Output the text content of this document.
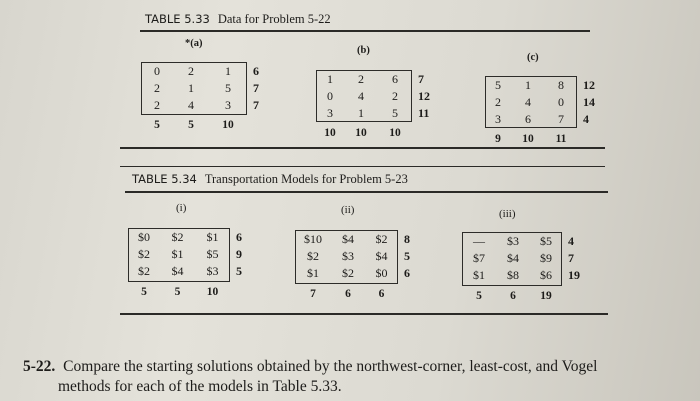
TABLE 5.33 Data for Problem 5-22
*(a)
0	2	1	6
2	1	5	7
2	4	3	7
5	5	10	
(b)
1	2	6	7
0	4	2	12
3	1	5	11
10	10	10	
(c)
5	1	8	12
2	4	0	14
3	6	7	4
9	10	11	
TABLE 5.34 Transportation Models for Problem 5-23
(i)
$0	$2	$1	6
$2	$1	$5	9
$2	$4	$3	5
5	5	10	
(ii)
$10	$4	$2	8
$2	$3	$4	5
$1	$2	$0	6
7	6	6	
(iii)
—	$3	$5	4
$7	$4	$9	7
$1	$8	$6	19
5	6	19	
5-22. Compare the starting solutions obtained by the northwest-corner, least-cost, and Vogel
methods for each of the models in Table 5.33.
